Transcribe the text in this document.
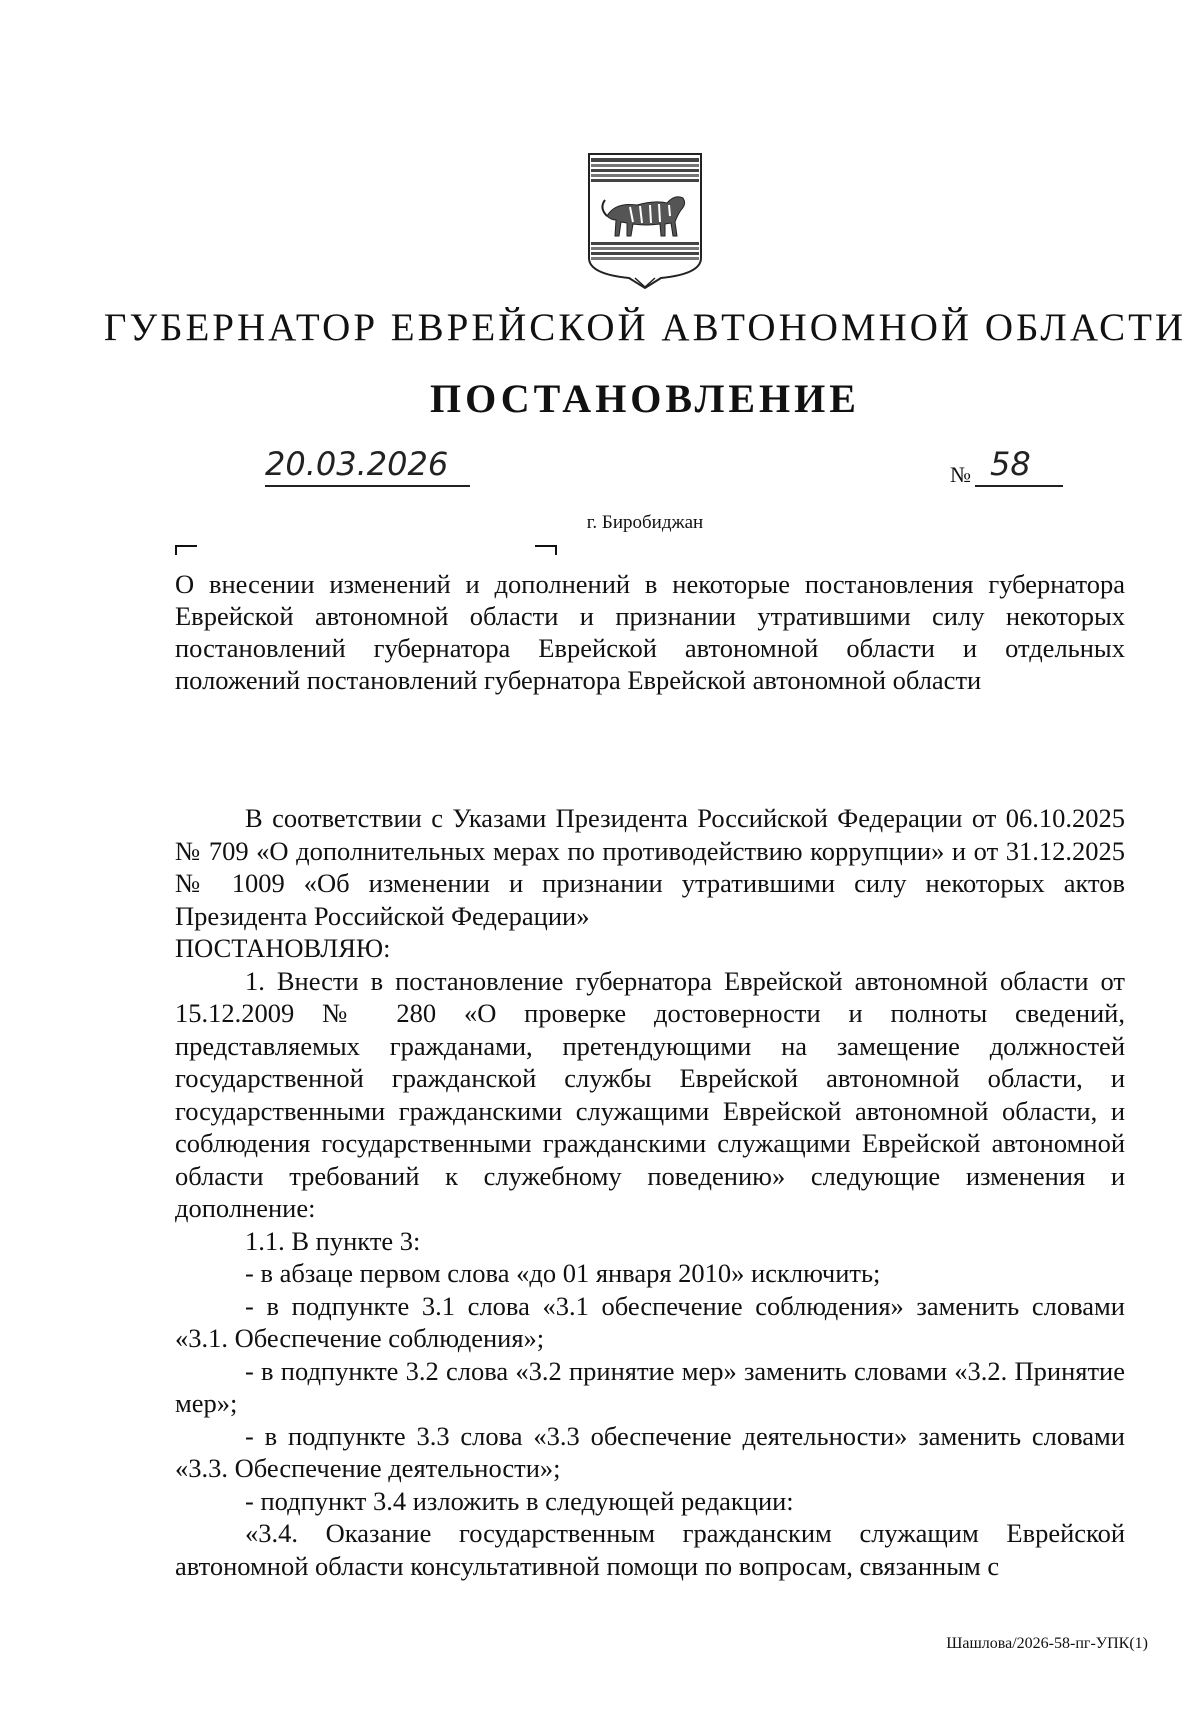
ГУБЕРНАТОР ЕВРЕЙСКОЙ АВТОНОМНОЙ ОБЛАСТИ
ПОСТАНОВЛЕНИЕ
20.03.2026	№ 58
г. Биробиджан

О внесении изменений и дополнений в некоторые постановления губернатора Еврейской автономной области и признании утратившими силу некоторых постановлений губернатора Еврейской автономной области и отдельных положений постановлений губернатора Еврейской автономной области

В соответствии с Указами Президента Российской Федерации от 06.10.2025 № 709 «О дополнительных мерах по противодействию коррупции» и от 31.12.2025 № 1009 «Об изменении и признании утратившими силу некоторых актов Президента Российской Федерации»

ПОСТАНОВЛЯЮ:

1. Внести в постановление губернатора Еврейской автономной области от 15.12.2009 № 280 «О проверке достоверности и полноты сведений, представляемых гражданами, претендующими на замещение должностей государственной гражданской службы Еврейской автономной области, и государственными гражданскими служащими Еврейской автономной области, и соблюдения государственными гражданскими служащими Еврейской автономной области требований к служебному поведению» следующие изменения и дополнение:

1.1. В пункте 3:

- в абзаце первом слова «до 01 января 2010» исключить;

- в подпункте 3.1 слова «3.1 обеспечение соблюдения» заменить словами «3.1. Обеспечение соблюдения»;

- в подпункте 3.2 слова «3.2 принятие мер» заменить словами «3.2. Принятие мер»;

- в подпункте 3.3 слова «3.3 обеспечение деятельности» заменить словами «3.3. Обеспечение деятельности»;

- подпункт 3.4 изложить в следующей редакции:

«3.4. Оказание государственным гражданским служащим Еврейской автономной области консультативной помощи по вопросам, связанным с

Шашлова/2026-58-пг-УПК(1)
